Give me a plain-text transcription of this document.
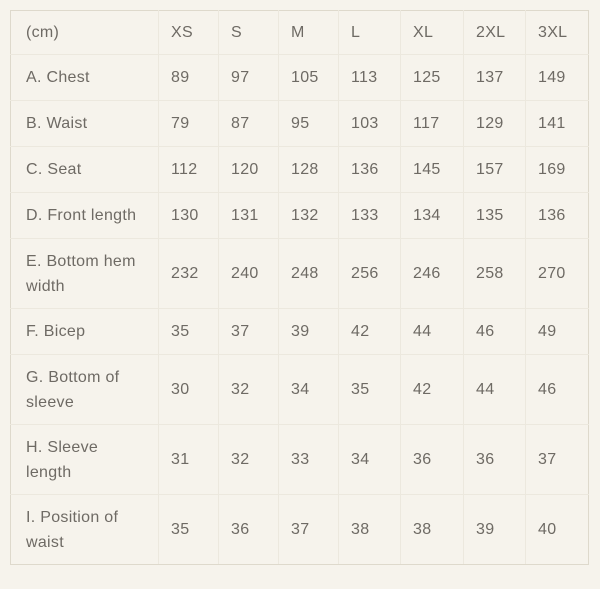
(cm)	XS	S	M	L	XL	2XL	3XL
A. Chest	89	97	105	113	125	137	149
B. Waist	79	87	95	103	117	129	141
C. Seat	112	120	128	136	145	157	169
D. Front length	130	131	132	133	134	135	136
E. Bottom hem width	232	240	248	256	246	258	270
F. Bicep	35	37	39	42	44	46	49
G. Bottom of sleeve	30	32	34	35	42	44	46
H. Sleeve length	31	32	33	34	36	36	37
I. Position of waist	35	36	37	38	38	39	40
